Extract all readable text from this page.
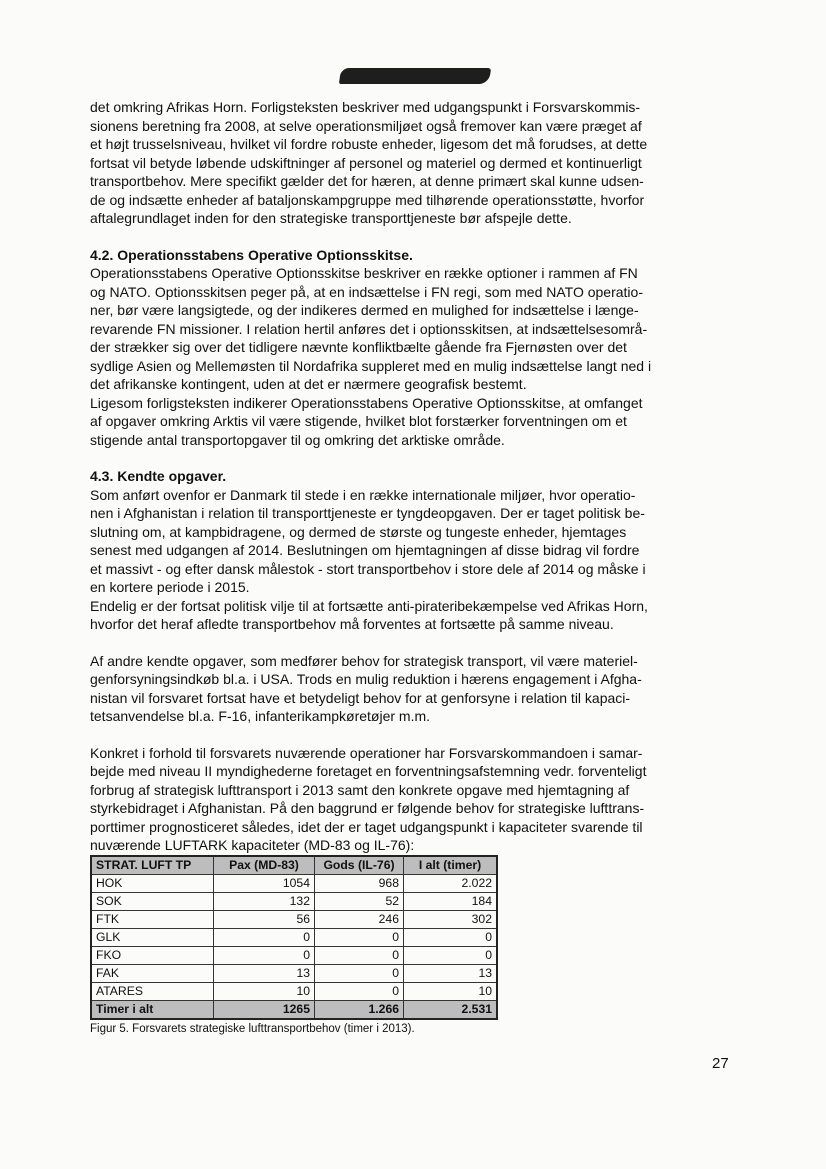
det omkring Afrikas Horn. Forligsteksten beskriver med udgangspunkt i Forsvarskommis-

sionens beretning fra 2008, at selve operationsmiljøet også fremover kan være præget af

et højt trusselsniveau, hvilket vil fordre robuste enheder, ligesom det må forudses, at dette

fortsat vil betyde løbende udskiftninger af personel og materiel og dermed et kontinuerligt

transportbehov. Mere specifikt gælder det for hæren, at denne primært skal kunne udsen-

de og indsætte enheder af bataljonskampgruppe med tilhørende operationsstøtte, hvorfor

aftalegrundlaget inden for den strategiske transporttjeneste bør afspejle dette.

4.2. Operationsstabens Operative Optionsskitse.

Operationsstabens Operative Optionsskitse beskriver en række optioner i rammen af FN

og NATO. Optionsskitsen peger på, at en indsættelse i FN regi, som med NATO operatio-

ner, bør være langsigtede, og der indikeres dermed en mulighed for indsættelse i længe-

revarende FN missioner. I relation hertil anføres det i optionsskitsen, at indsættelsesområ-

der strækker sig over det tidligere nævnte konfliktbælte gående fra Fjernøsten over det

sydlige Asien og Mellemøsten til Nordafrika suppleret med en mulig indsættelse langt ned i

det afrikanske kontingent, uden at det er nærmere geografisk bestemt.

Ligesom forligsteksten indikerer Operationsstabens Operative Optionsskitse, at omfanget

af opgaver omkring Arktis vil være stigende, hvilket blot forstærker forventningen om et

stigende antal transportopgaver til og omkring det arktiske område.

4.3. Kendte opgaver.

Som anført ovenfor er Danmark til stede i en række internationale miljøer, hvor operatio-

nen i Afghanistan i relation til transporttjeneste er tyngdeopgaven. Der er taget politisk be-

slutning om, at kampbidragene, og dermed de største og tungeste enheder, hjemtages

senest med udgangen af 2014. Beslutningen om hjemtagningen af disse bidrag vil fordre

et massivt - og efter dansk målestok - stort transportbehov i store dele af 2014 og måske i

en kortere periode i 2015.

Endelig er der fortsat politisk vilje til at fortsætte anti-pirateribekæmpelse ved Afrikas Horn,

hvorfor det heraf afledte transportbehov må forventes at fortsætte på samme niveau.

Af andre kendte opgaver, som medfører behov for strategisk transport, vil være materiel-

genforsyningsindkøb bl.a. i USA. Trods en mulig reduktion i hærens engagement i Afgha-

nistan vil forsvaret fortsat have et betydeligt behov for at genforsyne i relation til kapaci-

tetsanvendelse bl.a. F-16, infanterikampkøretøjer m.m.

Konkret i forhold til forsvarets nuværende operationer har Forsvarskommandoen i samar-

bejde med niveau II myndighederne foretaget en forventningsafstemning vedr. forventeligt

forbrug af strategisk lufttransport i 2013 samt den konkrete opgave med hjemtagning af

styrkebidraget i Afghanistan. På den baggrund er følgende behov for strategiske lufttrans-

porttimer prognosticeret således, idet der er taget udgangspunkt i kapaciteter svarende til

nuværende LUFTARK kapaciteter (MD-83 og IL-76):

STRAT. LUFT TP	Pax (MD-83)	Gods (IL-76)	I alt (timer)
HOK	1054	968	2.022
SOK	132	52	184
FTK	56	246	302
GLK	0	0	0
FKO	0	0	0
FAK	13	0	13
ATARES	10	0	10
Timer i alt	1265	1.266	2.531

Figur 5. Forsvarets strategiske lufttransportbehov (timer i 2013).

27
